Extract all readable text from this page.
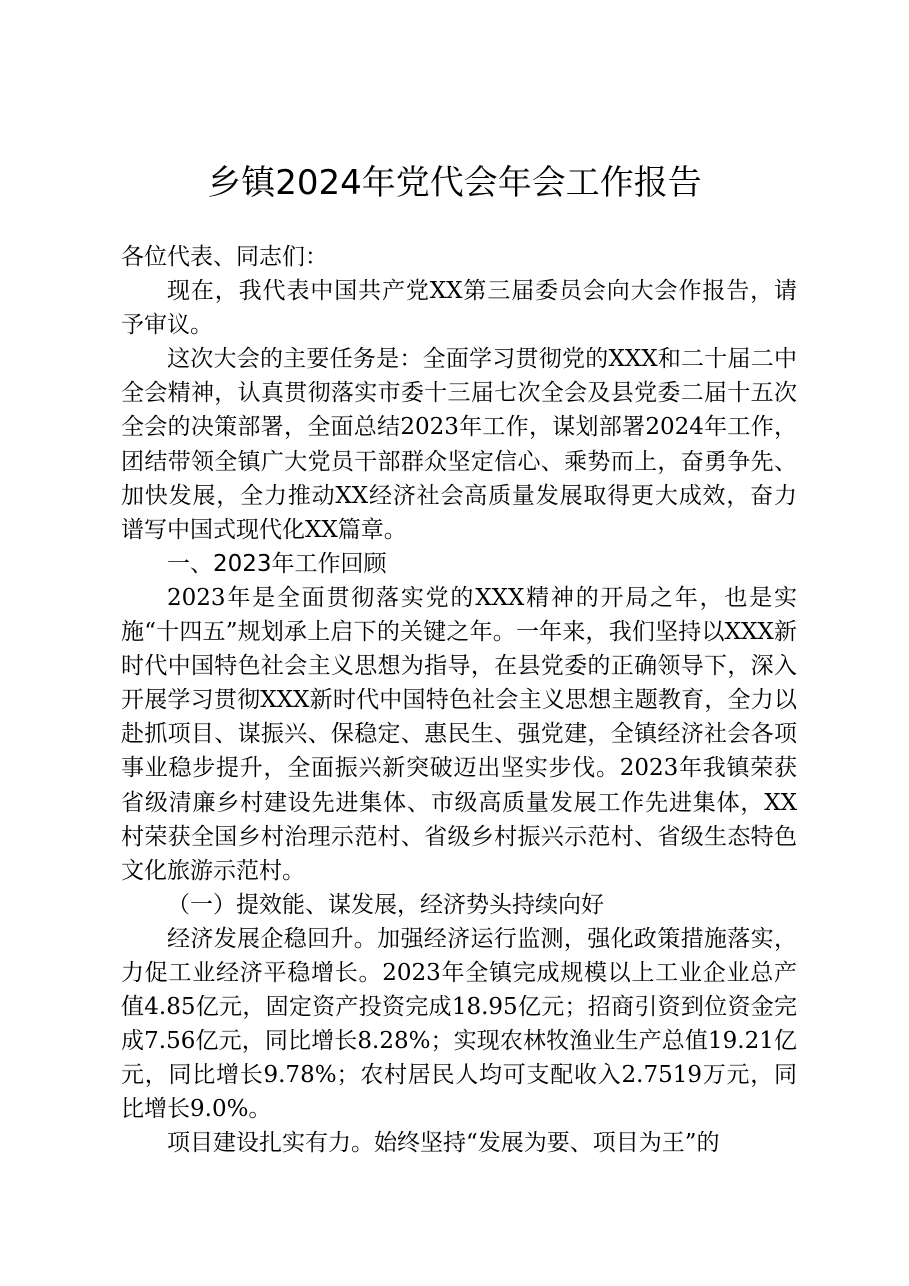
乡镇2024年党代会年会工作报告

各位代表、同志们：

现在，我代表中国共产党XX第三届委员会向大会作报告，请予审议。

这次大会的主要任务是：全面学习贯彻党的XXX和二十届二中全会精神，认真贯彻落实市委十三届七次全会及县党委二届十五次全会的决策部署，全面总结2023年工作，谋划部署2024年工作，团结带领全镇广大党员干部群众坚定信心、乘势而上，奋勇争先、加快发展，全力推动XX经济社会高质量发展取得更大成效，奋力谱写中国式现代化XX篇章。

一、2023年工作回顾

2023年是全面贯彻落实党的XXX精神的开局之年，也是实施“十四五”规划承上启下的关键之年。一年来，我们坚持以XXX新时代中国特色社会主义思想为指导，在县党委的正确领导下，深入开展学习贯彻XXX新时代中国特色社会主义思想主题教育，全力以赴抓项目、谋振兴、保稳定、惠民生、强党建，全镇经济社会各项事业稳步提升，全面振兴新突破迈出坚实步伐。2023年我镇荣获省级清廉乡村建设先进集体、市级高质量发展工作先进集体，XX村荣获全国乡村治理示范村、省级乡村振兴示范村、省级生态特色文化旅游示范村。

（一）提效能、谋发展，经济势头持续向好

经济发展企稳回升。加强经济运行监测，强化政策措施落实，力促工业经济平稳增长。2023年全镇完成规模以上工业企业总产值4.85亿元，固定资产投资完成18.95亿元；招商引资到位资金完成7.56亿元，同比增长8.28%；实现农林牧渔业生产总值19.21亿元，同比增长9.78%；农村居民人均可支配收入2.7519万元，同比增长9.0%。

项目建设扎实有力。始终坚持“发展为要、项目为王”的
